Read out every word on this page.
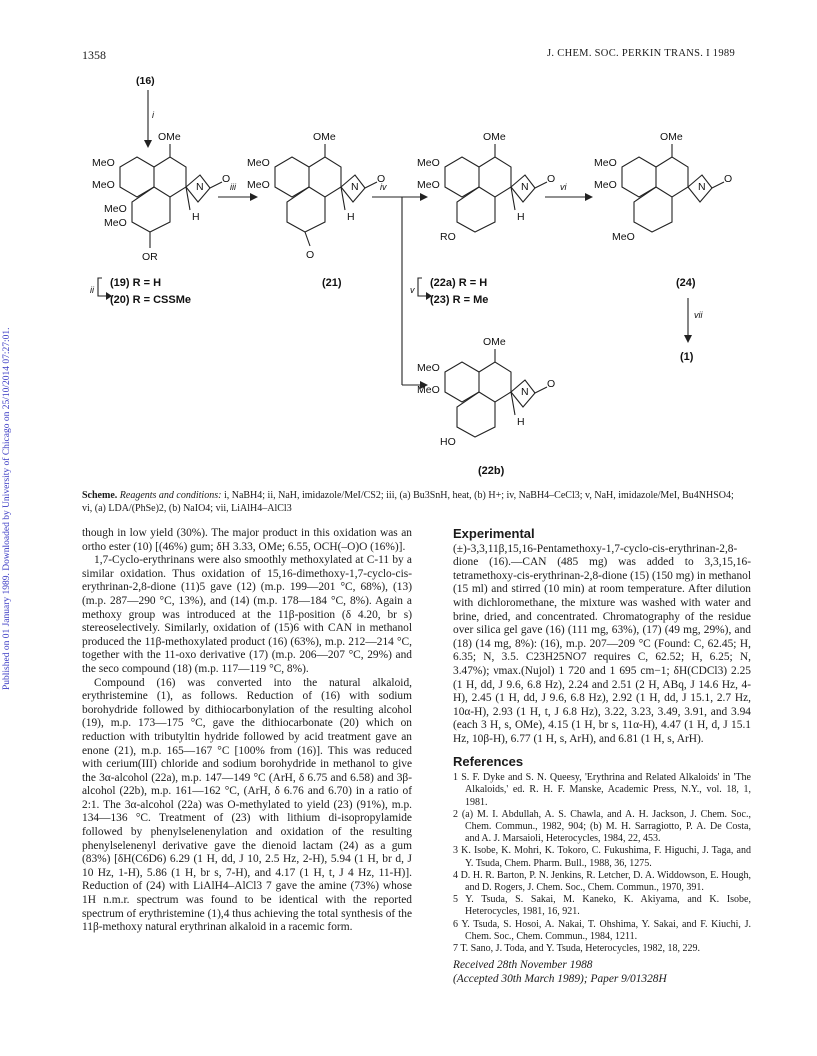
Published on 01 January 1989. Downloaded by University of Chicago on 25/10/2014 07:27:01.
1358	J. CHEM. SOC. PERKIN TRANS. I 1989
(16)
i
OMe
MeO
MeO	N
O
MeO
MeO	H
OR
iii
OMe
MeO
MeO	N
O
H
O
iv
OMe
MeO
MeO	N
O
H
RO
vi
OMe
MeO
MeO	N
O
MeO
vii
OMe
MeO
MeO	N
O
H
HO
(19) R = H
(20) R = CSSMe
(21)	(22a) R = H
(23) R = Me
(24)
(1)
(22b)
ii	v
Scheme. Reagents and conditions: i, NaBH4; ii, NaH, imidazole/MeI/CS2; iii, (a) Bu3SnH, heat, (b) H+; iv, NaBH4–CeCl3; v, NaH, imidazole/MeI, Bu4NHSO4; vi, (a) LDA/(PhSe)2, (b) NaIO4; vii, LiAlH4–AlCl3

though in low yield (30%). The major product in this oxidation was an ortho ester (10) [(46%) gum; δH 3.33, OMe; 6.55, OCH(–O)O (16%)].

1,7-Cyclo-erythrinans were also smoothly methoxylated at C-11 by a similar oxidation. Thus oxidation of 15,16-dimethoxy-1,7-cyclo-cis-erythrinan-2,8-dione (11)5 gave (12) (m.p. 199—201 °C, 68%), (13) (m.p. 287—290 °C, 13%), and (14) (m.p. 178—184 °C, 8%). Again a methoxy group was introduced at the 11β-position (δ 4.20, br s) stereoselectively. Similarly, oxidation of (15)6 with CAN in methanol produced the 11β-methoxylated product (16) (63%), m.p. 212—214 °C, together with the 11-oxo derivative (17) (m.p. 206—207 °C, 29%) and the seco compound (18) (m.p. 117—119 °C, 8%).

Compound (16) was converted into the natural alkaloid, erythristemine (1), as follows. Reduction of (16) with sodium borohydride followed by dithiocarbonylation of the resulting alcohol (19), m.p. 173—175 °C, gave the dithiocarbonate (20) which on reduction with tributyltin hydride followed by acid treatment gave an enone (21), m.p. 165—167 °C [100% from (16)]. This was reduced with cerium(III) chloride and sodium borohydride in methanol to give the 3α-alcohol (22a), m.p. 147—149 °C (ArH, δ 6.75 and 6.58) and 3β-alcohol (22b), m.p. 161—162 °C, (ArH, δ 6.76 and 6.70) in a ratio of 2:1. The 3α-alcohol (22a) was O-methylated to yield (23) (91%), m.p. 134—136 °C. Treatment of (23) with lithium di-isopropylamide followed by phenylselenenylation and oxidation of the resulting phenylselenenyl derivative gave the dienoid lactam (24) as a gum (83%) [δH(C6D6) 6.29 (1 H, dd, J 10, 2.5 Hz, 2-H), 5.94 (1 H, br d, J 10 Hz, 1-H), 5.86 (1 H, br s, 7-H), and 4.17 (1 H, t, J 4 Hz, 11-H)]. Reduction of (24) with LiAlH4–AlCl3 7 gave the amine (73%) whose 1H n.m.r. spectrum was found to be identical with the reported spectrum of erythristemine (1),4 thus achieving the total synthesis of the 11β-methoxy natural erythrinan alkaloid in a racemic form.

Experimental

(±)-3,3,11β,15,16-Pentamethoxy-1,7-cyclo-cis-erythrinan-2,8-dione (16).—CAN (485 mg) was added to 3,3,15,16-tetramethoxy-cis-erythrinan-2,8-dione (15) (150 mg) in methanol (15 ml) and stirred (10 min) at room temperature. After dilution with dichloromethane, the mixture was washed with water and brine, dried, and concentrated. Chromatography of the residue over silica gel gave (16) (111 mg, 63%), (17) (49 mg, 29%), and (18) (14 mg, 8%): (16), m.p. 207—209 °C (Found: C, 62.45; H, 6.35; N, 3.5. C23H25NO7 requires C, 62.52; H, 6.25; N, 3.47%); νmax.(Nujol) 1 720 and 1 695 cm−1; δH(CDCl3) 2.25 (1 H, dd, J 9.6, 6.8 Hz), 2.24 and 2.51 (2 H, ABq, J 14.6 Hz, 4-H), 2.45 (1 H, dd, J 9.6, 6.8 Hz), 2.92 (1 H, dd, J 15.1, 2.7 Hz, 10α-H), 2.93 (1 H, t, J 6.8 Hz), 3.22, 3.23, 3.49, 3.91, and 3.94 (each 3 H, s, OMe), 4.15 (1 H, br s, 11α-H), 4.47 (1 H, d, J 15.1 Hz, 10β-H), 6.77 (1 H, s, ArH), and 6.81 (1 H, s, ArH).

References

1 S. F. Dyke and S. N. Queesy, 'Erythrina and Related Alkaloids' in 'The Alkaloids,' ed. R. H. F. Manske, Academic Press, N.Y., vol. 18, 1, 1981.

2 (a) M. I. Abdullah, A. S. Chawla, and A. H. Jackson, J. Chem. Soc., Chem. Commun., 1982, 904; (b) M. H. Sarragiotto, P. A. De Costa, and A. J. Marsaioli, Heterocycles, 1984, 22, 453.

3 K. Isobe, K. Mohri, K. Tokoro, C. Fukushima, F. Higuchi, J. Taga, and Y. Tsuda, Chem. Pharm. Bull., 1988, 36, 1275.

4 D. H. R. Barton, P. N. Jenkins, R. Letcher, D. A. Widdowson, E. Hough, and D. Rogers, J. Chem. Soc., Chem. Commun., 1970, 391.

5 Y. Tsuda, S. Sakai, M. Kaneko, K. Akiyama, and K. Isobe, Heterocycles, 1981, 16, 921.

6 Y. Tsuda, S. Hosoi, A. Nakai, T. Ohshima, Y. Sakai, and F. Kiuchi, J. Chem. Soc., Chem. Commun., 1984, 1211.

7 T. Sano, J. Toda, and Y. Tsuda, Heterocycles, 1982, 18, 229.

Received 28th November 1988
(Accepted 30th March 1989); Paper 9/01328H
